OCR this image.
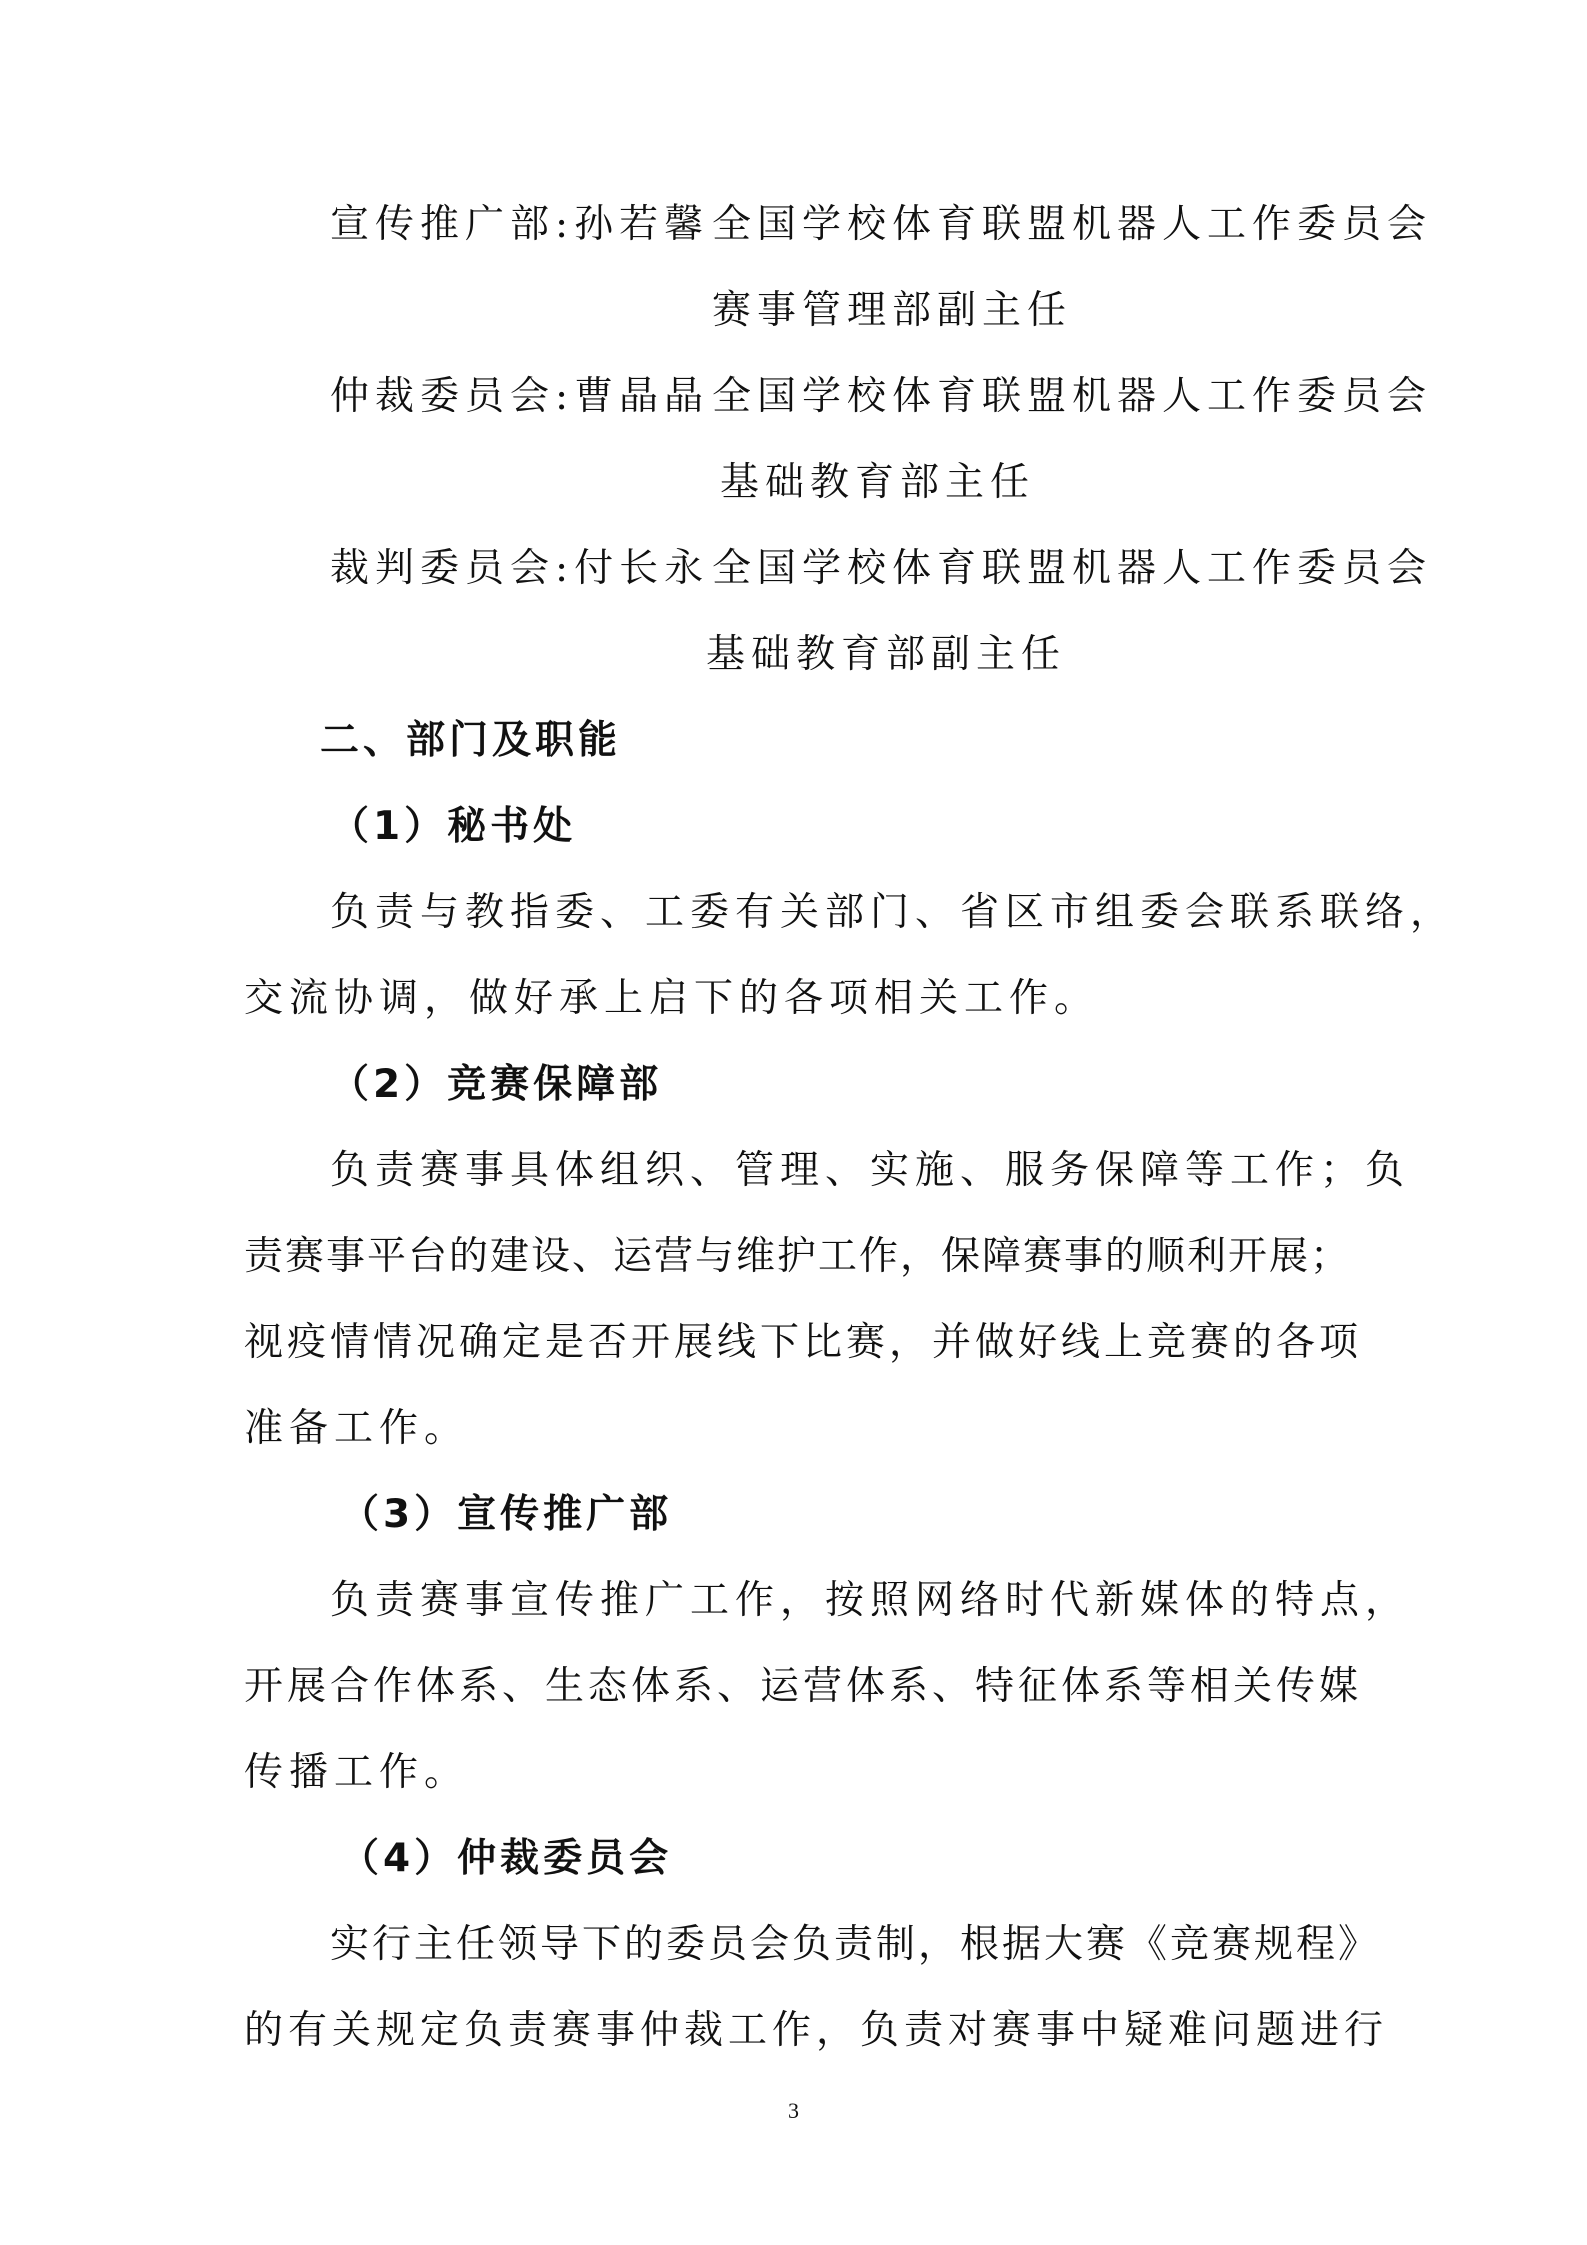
宣传推广部:孙若馨 全国学校体育联盟机器人工作委员会
赛事管理部副主任
仲裁委员会:曹晶晶 全国学校体育联盟机器人工作委员会
基础教育部主任
裁判委员会:付长永 全国学校体育联盟机器人工作委员会
基础教育部副主任
二、部门及职能
（1）秘书处
负责与教指委、工委有关部门、省区市组委会联系联络，
交流协调，做好承上启下的各项相关工作。
（2）竞赛保障部
负责赛事具体组织、管理、实施、服务保障等工作；负
责赛事平台的建设、运营与维护工作，保障赛事的顺利开展；
视疫情情况确定是否开展线下比赛，并做好线上竞赛的各项
准备工作。
（3）宣传推广部
负责赛事宣传推广工作，按照网络时代新媒体的特点，
开展合作体系、生态体系、运营体系、特征体系等相关传媒
传播工作。
（4）仲裁委员会
实行主任领导下的委员会负责制，根据大赛《竞赛规程》
的有关规定负责赛事仲裁工作，负责对赛事中疑难问题进行
3
